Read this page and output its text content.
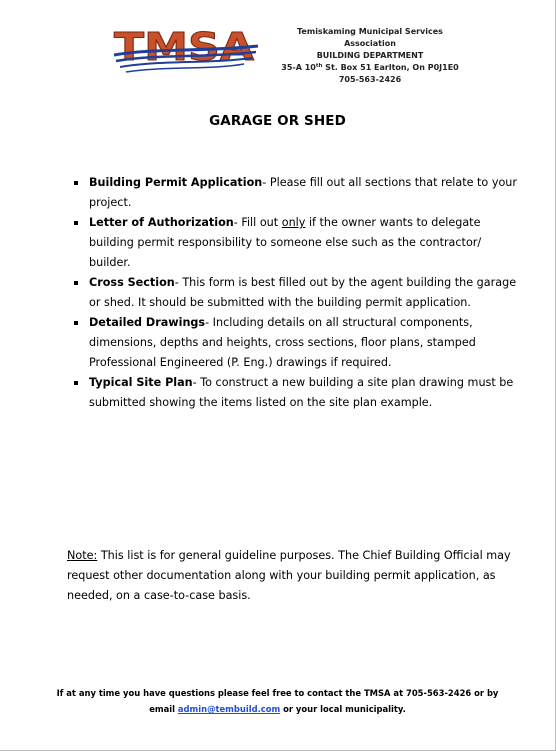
TMSA	Temiskaming Municipal Services Association
BUILDING DEPARTMENT
35-A 10th St. Box 51 Earlton, On P0J1E0
705-563-2426
GARAGE OR SHED
Building Permit Application- Please fill out all sections that relate to your project.
Letter of Authorization- Fill out only if the owner wants to delegate building permit responsibility to someone else such as the contractor/ builder.
Cross Section- This form is best filled out by the agent building the garage or shed. It should be submitted with the building permit application.
Detailed Drawings- Including details on all structural components, dimensions, depths and heights, cross sections, floor plans, stamped Professional Engineered (P. Eng.) drawings if required.
Typical Site Plan- To construct a new building a site plan drawing must be submitted showing the items listed on the site plan example.
Note: This list is for general guideline purposes. The Chief Building Official may request other documentation along with your building permit application, as needed, on a case-to-case basis.
If at any time you have questions please feel free to contact the TMSA at 705-563-2426 or by
email admin@tembuild.com or your local municipality.
